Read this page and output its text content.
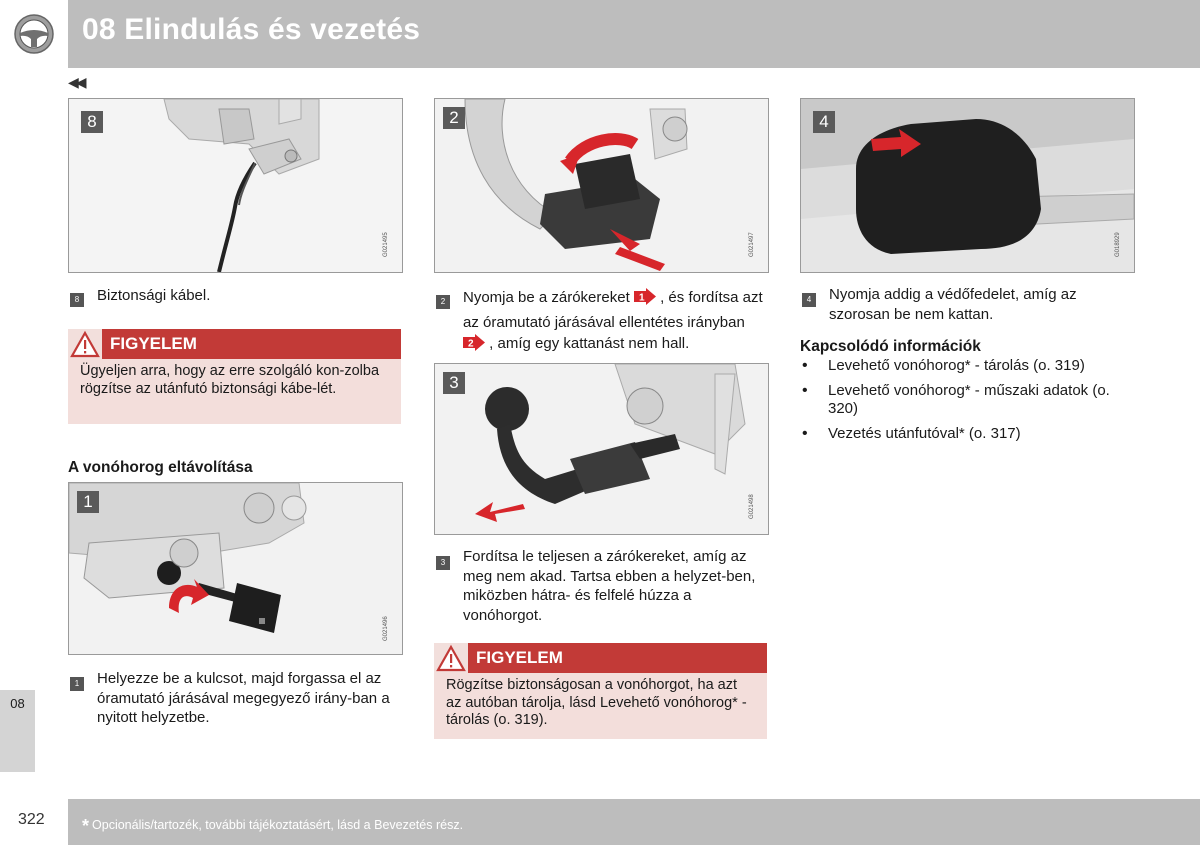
08 Elindulás és vezetés
◀◀
8
G021495
8	Biztonsági kábel.
FIGYELEM
Ügyeljen arra, hogy az erre szolgáló kon-zolba rögzítse az utánfutó biztonsági kábe-lét.
A vonóhorog eltávolítása
1
G021496
1	Helyezze be a kulcsot, majd forgassa el az óramutató járásával megegyező irány-ban a nyitott helyzetbe.
2
G021497
2	Nyomja be a zárókereket 1 , és fordítsa azt az óramutató járásával ellentétes irányban
2 , amíg egy kattanást nem hall.
3
G021498
3	Fordítsa le teljesen a zárókereket, amíg az meg nem akad. Tartsa ebben a helyzet-ben, miközben hátra- és felfelé húzza a vonóhorgot.
FIGYELEM
Rögzítse biztonságosan a vonóhorgot, ha azt az autóban tárolja, lásd Levehető vonóhorog* - tárolás (o. 319).
4
G018929
4	Nyomja addig a védőfedelet, amíg az szorosan be nem kattan.
Kapcsolódó információk
• Levehető vonóhorog* - tárolás (o. 319)
• Levehető vonóhorog* - műszaki adatok (o. 320)
• Vezetés utánfutóval* (o. 317)
08
322 * Opcionális/tartozék, további tájékoztatásért, lásd a Bevezetés rész.
